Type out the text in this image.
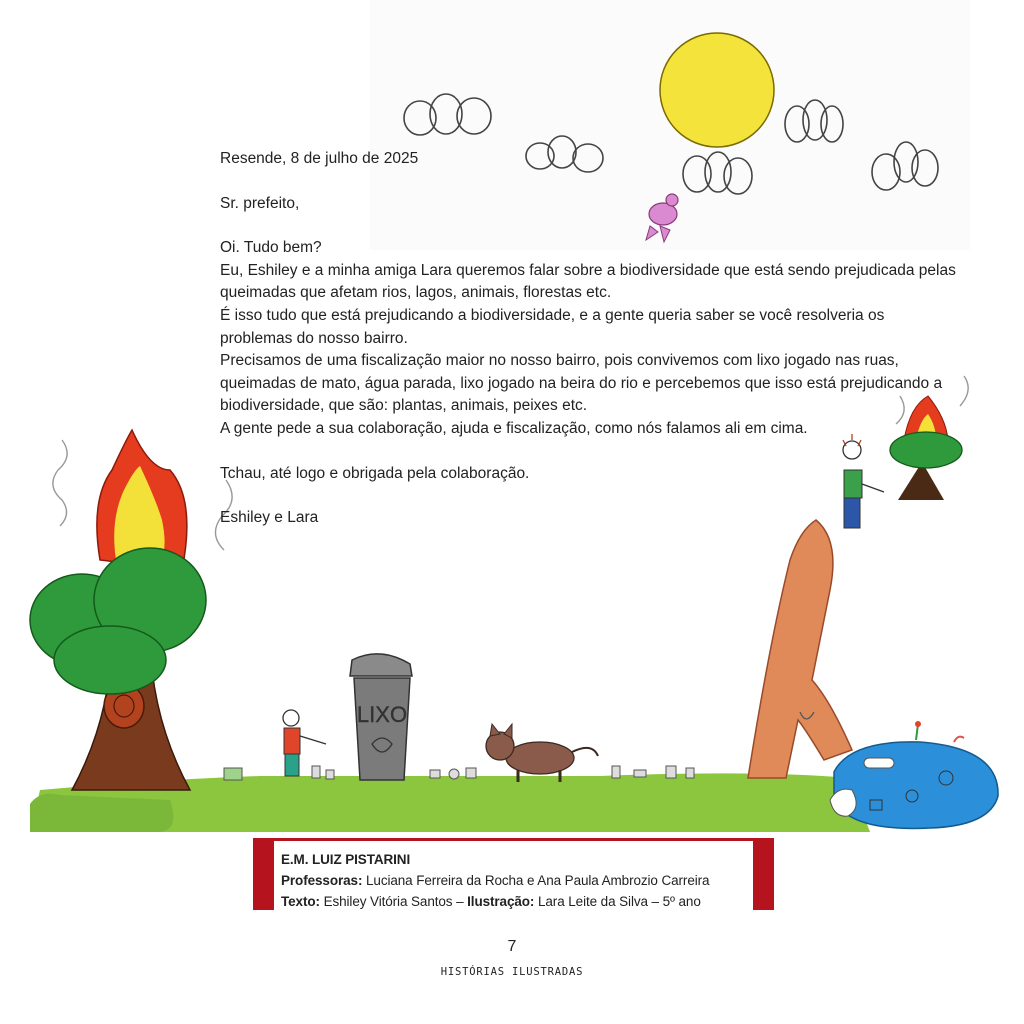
LIXO

Resende, 8 de julho de 2025

Sr. prefeito,

Oi. Tudo bem?

Eu, Eshiley e a minha amiga Lara queremos falar sobre a biodiversidade que está sendo prejudicada pelas queimadas que afetam rios, lagos, animais, florestas etc.

É isso tudo que está prejudicando a biodiversidade, e a gente queria saber se você resolveria os problemas do nosso bairro.

Precisamos de uma fiscalização maior no nosso bairro, pois convivemos com lixo jogado nas ruas, queimadas de mato, água parada, lixo jogado na beira do rio e percebemos que isso está prejudicando a biodiversidade, que são: plantas, animais, peixes etc.

A gente pede a sua colaboração, ajuda e fiscalização, como nós falamos ali em cima.

Tchau, até logo e obrigada pela colaboração.

Eshiley e Lara

E.M. LUIZ PISTARINI
Professoras: Luciana Ferreira da Rocha e Ana Paula Ambrozio Carreira
Texto: Eshiley Vitória Santos – Ilustração: Lara Leite da Silva – 5º ano
7
HISTÓRIAS ILUSTRADAS
